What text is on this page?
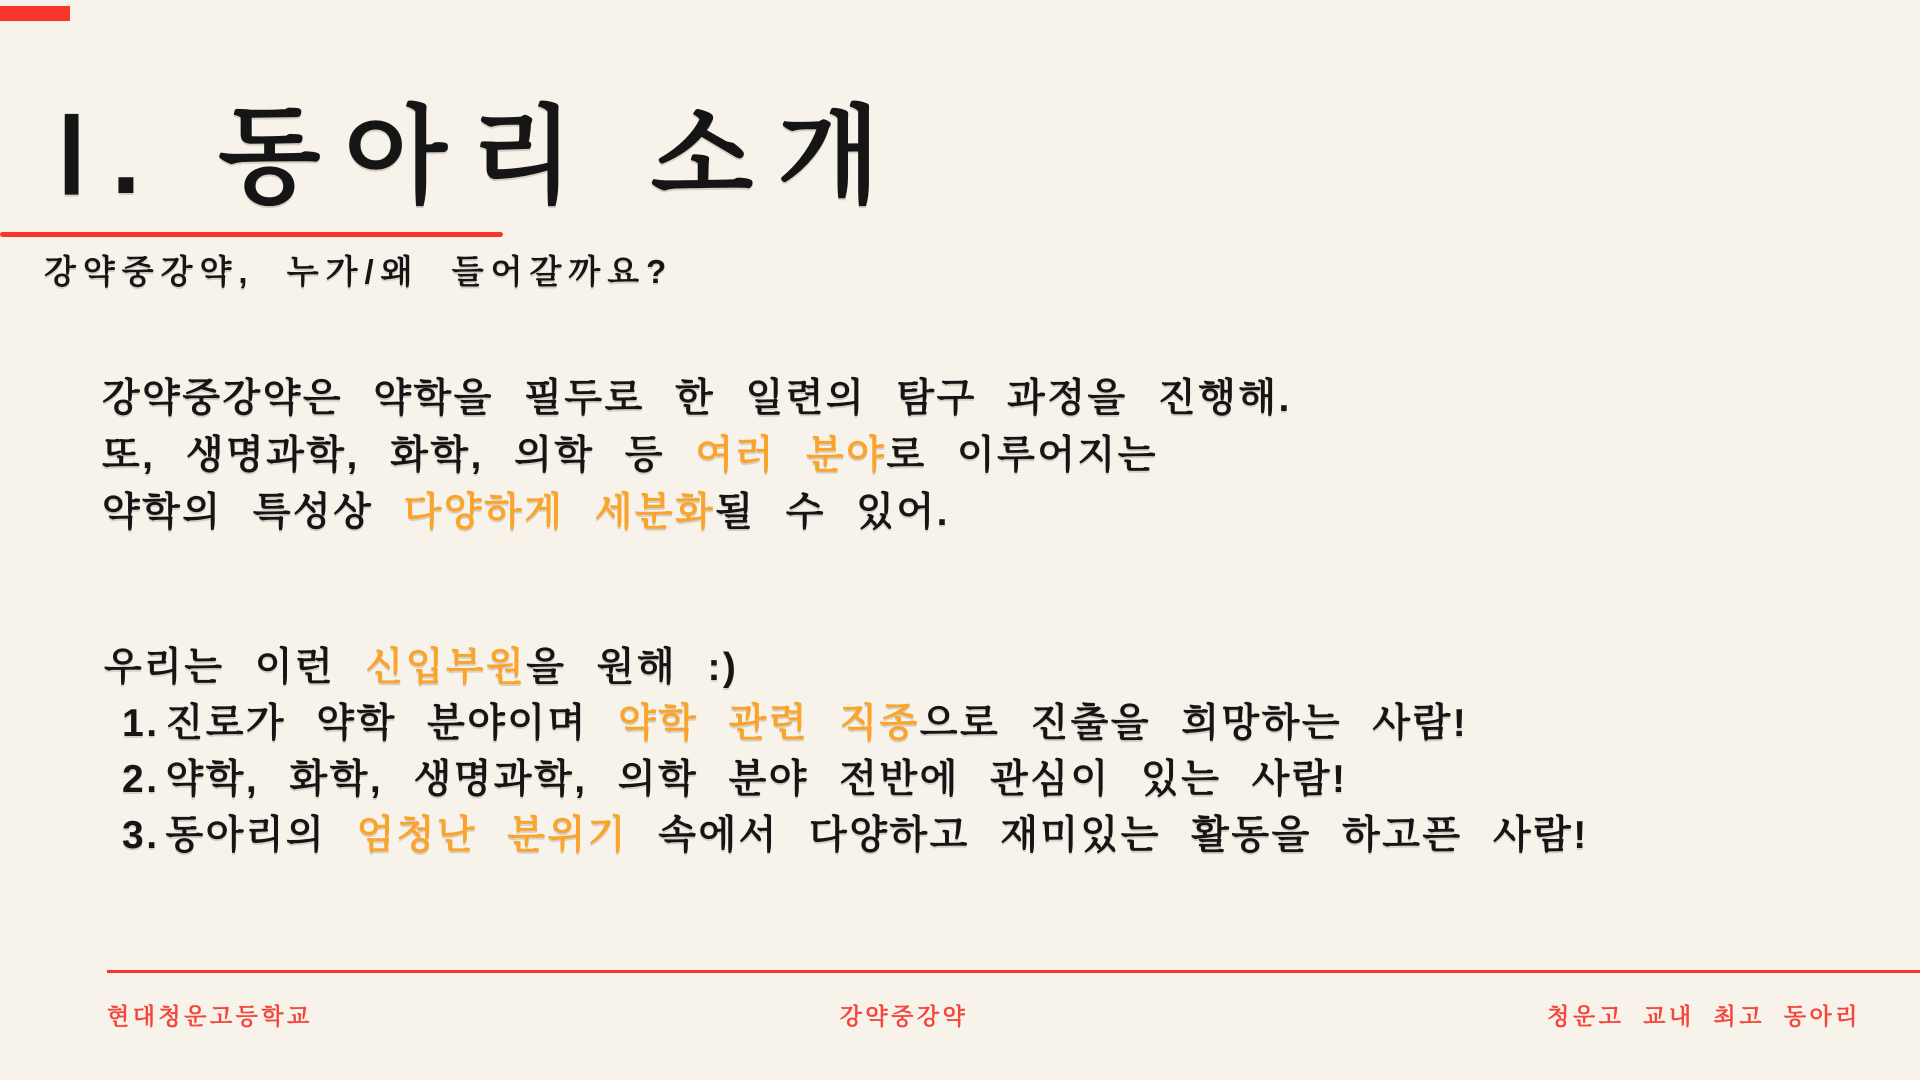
Ⅰ. 동아리 소개
강약중강약, 누가/왜 들어갈까요?
강약중강약은 약학을 필두로 한 일련의 탐구 과정을 진행해.
또, 생명과학, 화학, 의학 등 여러 분야로 이루어지는
약학의 특성상 다양하게 세분화될 수 있어.
우리는 이런 신입부원을 원해 :)
1. 진로가 약학 분야이며 약학 관련 직종으로 진출을 희망하는 사람!
2. 약학, 화학, 생명과학, 의학 분야 전반에 관심이 있는 사람!
3. 동아리의 엄청난 분위기 속에서 다양하고 재미있는 활동을 하고픈 사람!
현대청운고등학교	강약중강약	청운고 교내 최고 동아리
